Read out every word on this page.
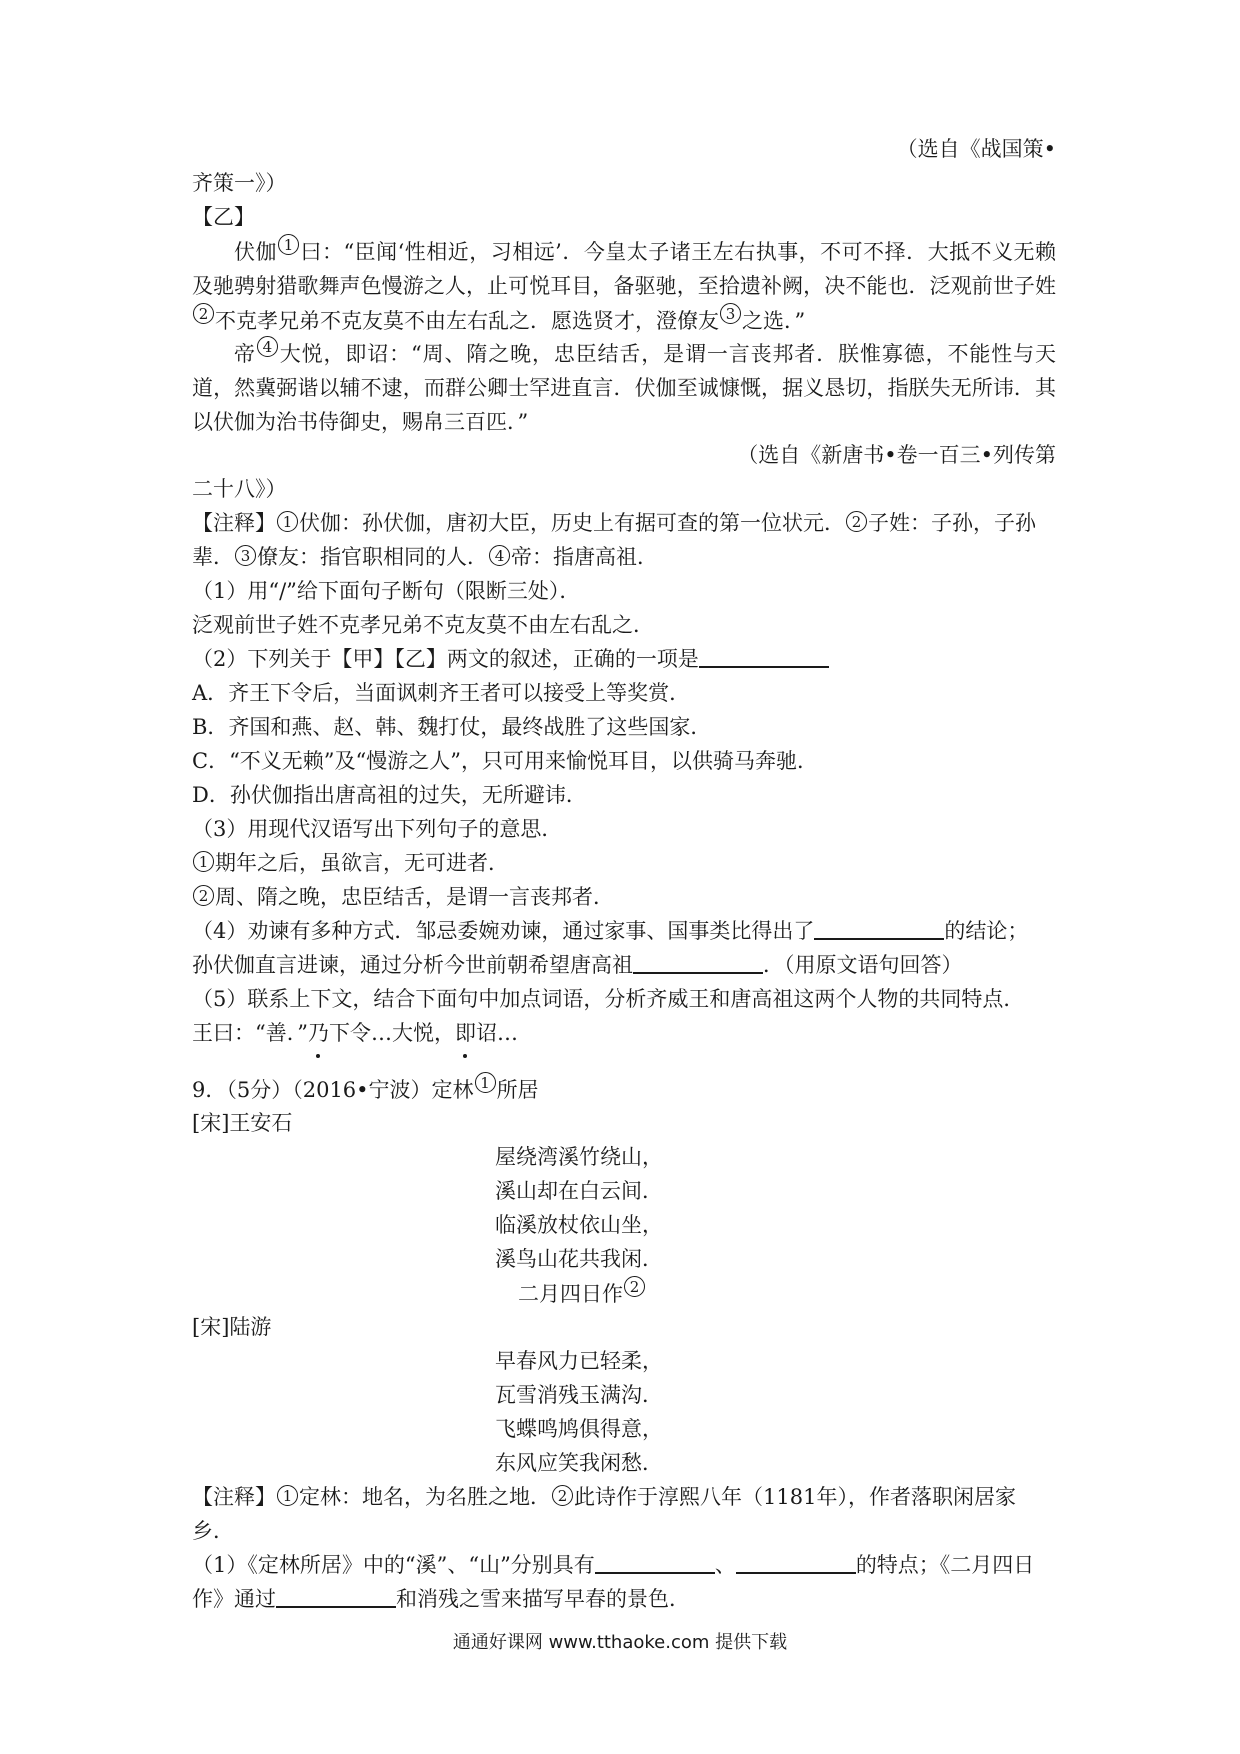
（选自《战国策•

齐策一》）

【乙】

伏伽 1 曰：“臣闻‘性相近，习相远’．今皇太子诸王左右执事，不可不择．大抵不义无赖及驰骋射猎歌舞声色慢游之人，止可悦耳目，备驱驰，至拾遗补阙，决不能也．泛观前世子姓2 不克孝兄弟不克友莫不由左右乱之．愿选贤才，澄僚友 3 之选．”

帝 4 大悦，即诏：“周、隋之晚，忠臣结舌，是谓一言丧邦者．朕惟寡德，不能性与天道，然冀弼谐以辅不逮，而群公卿士罕进直言．伏伽至诚慷慨，据义恳切，指朕失无所讳．其以伏伽为治书侍御史，赐帛三百匹．”

（选自《新唐书•卷一百三•列传第

二十八》）

【注释】 1 伏伽：孙伏伽，唐初大臣，历史上有据可查的第一位状元． 2 子姓：子孙，子孙辈． 3 僚友：指官职相同的人． 4 帝：指唐高祖．

（1）用“/”给下面句子断句（限断三处）．

泛观前世子姓不克孝兄弟不克友莫不由左右乱之．

（2）下列关于【甲】【乙】两文的叙述，正确的一项是

A．齐王下令后，当面讽刺齐王者可以接受上等奖赏．

B．齐国和燕、赵、韩、魏打仗，最终战胜了这些国家．

C．“不义无赖”及“慢游之人”，只可用来愉悦耳目，以供骑马奔驰．

D．孙伏伽指出唐高祖的过失，无所避讳．

（3）用现代汉语写出下列句子的意思．

1 期年之后，虽欲言，无可进者．

2 周、隋之晚，忠臣结舌，是谓一言丧邦者．

（4）劝谏有多种方式．邹忌委婉劝谏，通过家事、国事类比得出了	的结论；
孙伏伽直言进谏，通过分析今世前朝希望唐高祖	．（用原文语句回答）

（5）联系上下文，结合下面句中加点词语，分析齐威王和唐高祖这两个人物的共同特点．

王曰：“善．”乃下令…大悦，即诏…

9．（5分）（2016•宁波）定林 1 所居

[宋]王安石

屋绕湾溪竹绕山，

溪山却在白云间．

临溪放杖依山坐，

溪鸟山花共我闲．

二月四日作 2

[宋]陆游

早春风力已轻柔，

瓦雪消残玉满沟．

飞蝶鸣鸠俱得意，

东风应笑我闲愁．

【注释】 1 定林：地名，为名胜之地． 2 此诗作于淳熙八年（1181年），作者落职闲居家乡．

（1）《定林所居》中的“溪”、“山”分别具有	、	的特点；《二月四日作》通过	和消残之雪来描写早春的景色．

通通好课网 www.tthaoke.com 提供下载
